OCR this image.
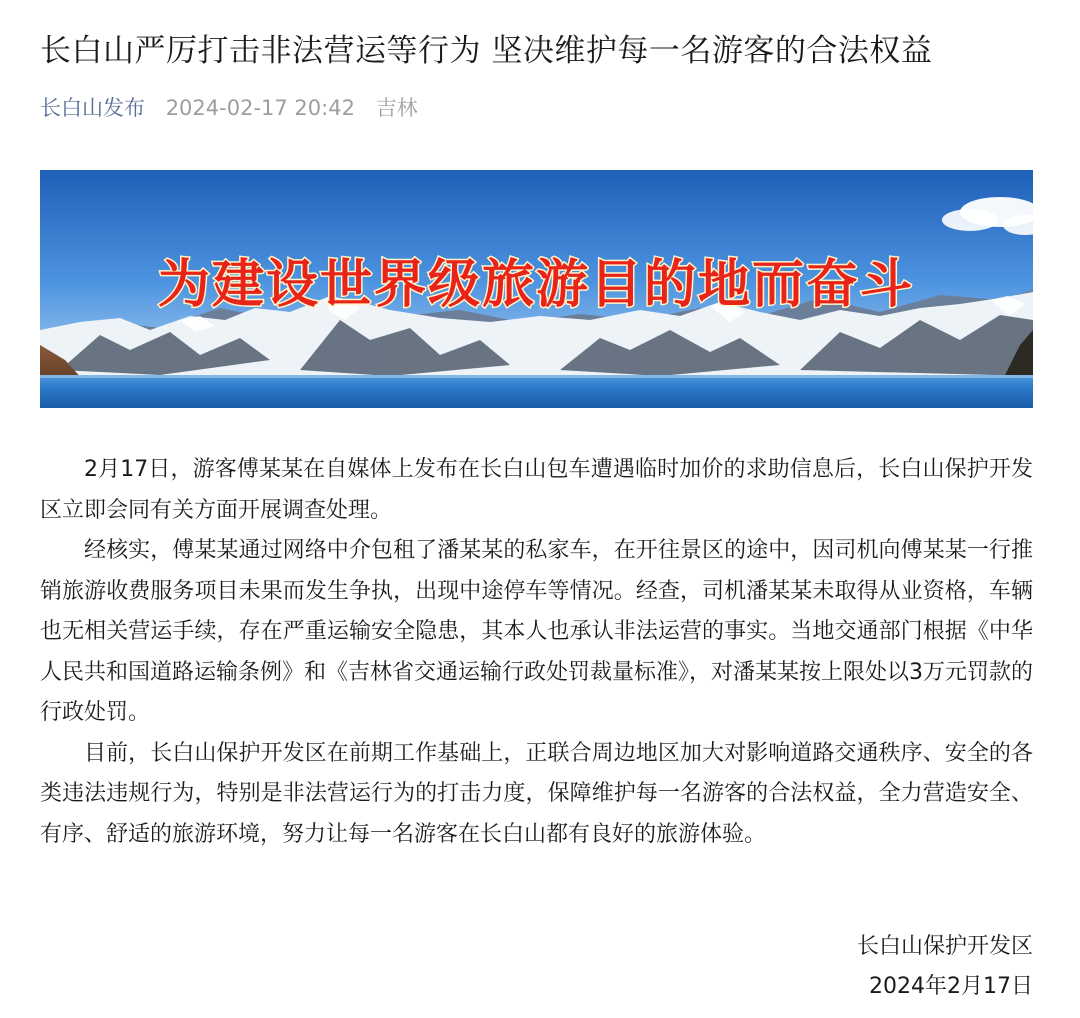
长白山严厉打击非法营运等行为 坚决维护每一名游客的合法权益
长白山发布 2024-02-17 20:42 吉林
为建设世界级旅游目的地而奋斗

2月17日，游客傅某某在自媒体上发布在长白山包车遭遇临时加价的求助信息后，长白山保护开发区立即会同有关方面开展调查处理。

经核实，傅某某通过网络中介包租了潘某某的私家车，在开往景区的途中，因司机向傅某某一行推销旅游收费服务项目未果而发生争执，出现中途停车等情况。经查，司机潘某某未取得从业资格，车辆也无相关营运手续，存在严重运输安全隐患，其本人也承认非法运营的事实。当地交通部门根据《中华人民共和国道路运输条例》和《吉林省交通运输行政处罚裁量标准》，对潘某某按上限处以3万元罚款的行政处罚。

目前，长白山保护开发区在前期工作基础上，正联合周边地区加大对影响道路交通秩序、安全的各类违法违规行为，特别是非法营运行为的打击力度，保障维护每一名游客的合法权益，全力营造安全、有序、舒适的旅游环境，努力让每一名游客在长白山都有良好的旅游体验。

长白山保护开发区
2024年2月17日
